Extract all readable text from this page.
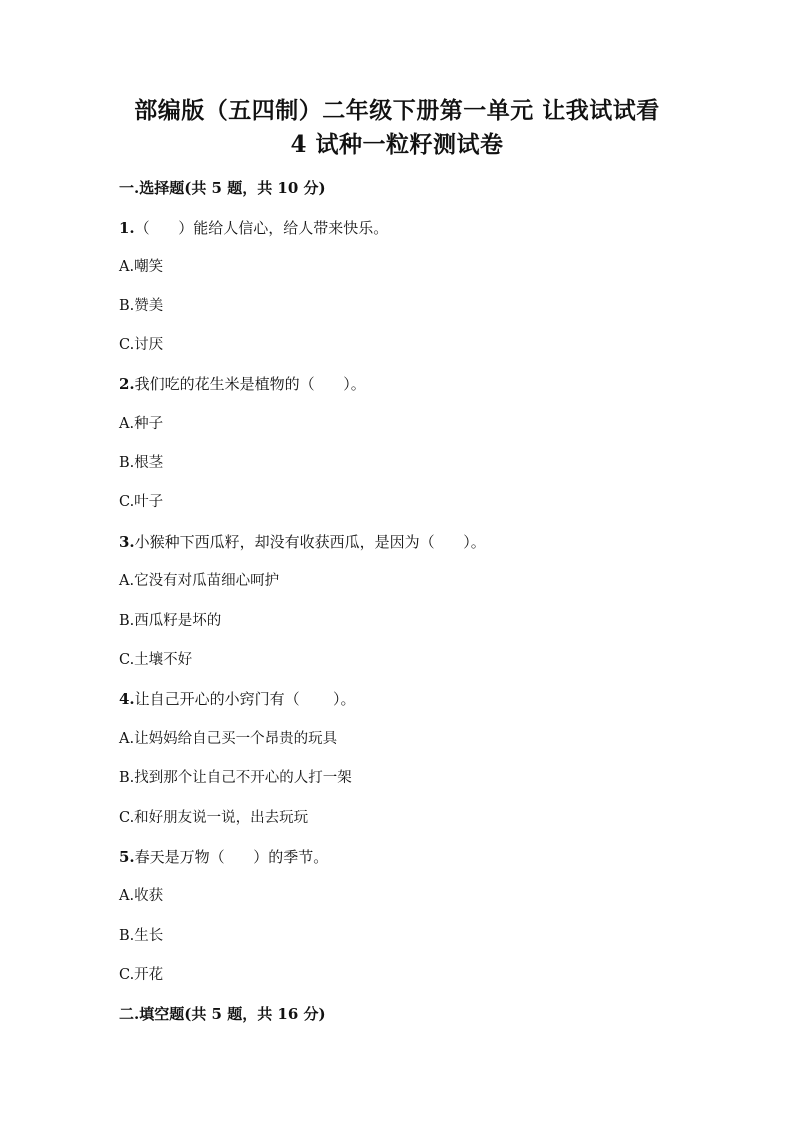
部编版（五四制）二年级下册第一单元 让我试试看
4 试种一粒籽测试卷
一.选择题(共 5 题，共 10 分)
1.（      ）能给人信心，给人带来快乐。
A.嘲笑
B.赞美
C.讨厌
2.我们吃的花生米是植物的（      ）。
A.种子
B.根茎
C.叶子
3.小猴种下西瓜籽，却没有收获西瓜，是因为（      ）。
A.它没有对瓜苗细心呵护
B.西瓜籽是坏的
C.土壤不好
4.让自己开心的小窍门有（       ）。
A.让妈妈给自己买一个昂贵的玩具
B.找到那个让自己不开心的人打一架
C.和好朋友说一说，出去玩玩
5.春天是万物（      ）的季节。
A.收获
B.生长
C.开花
二.填空题(共 5 题，共 16 分)
